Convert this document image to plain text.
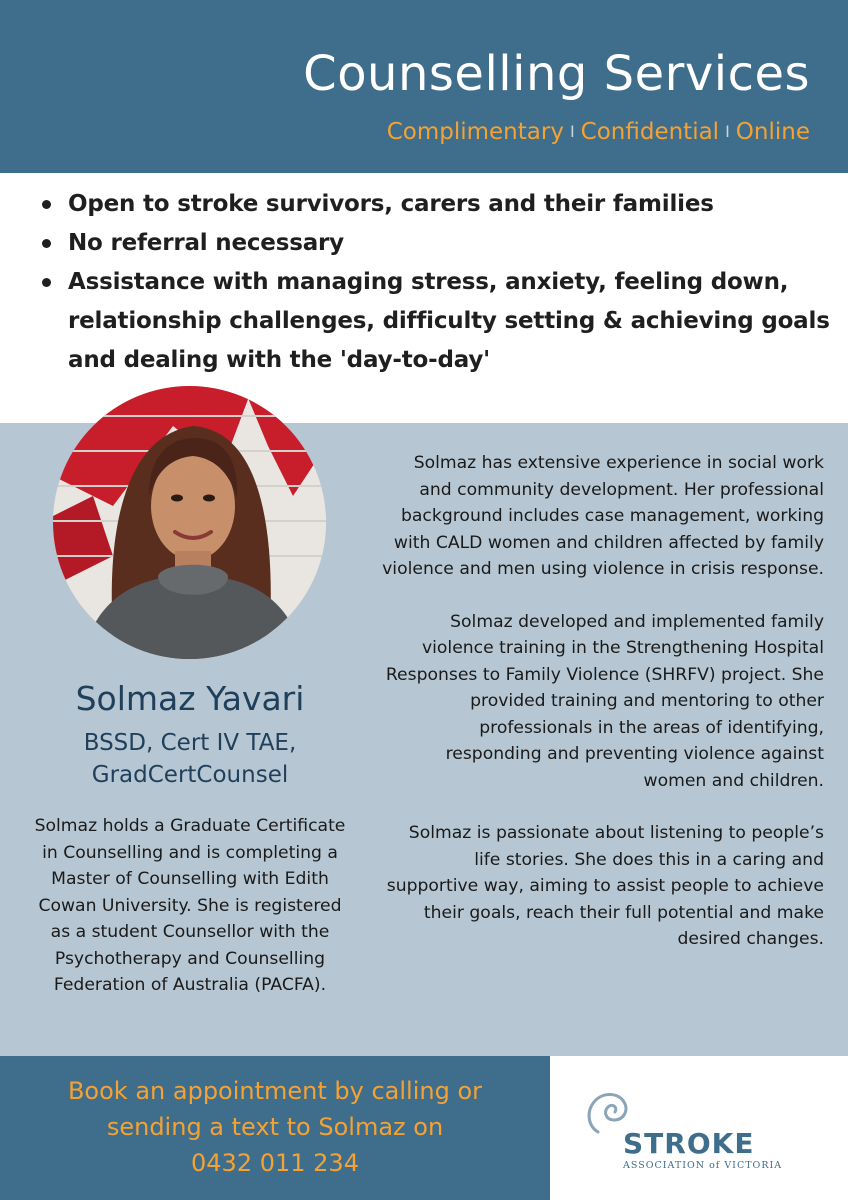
Counselling Services
Complimentary I Confidential I Online
Open to stroke survivors, carers and their families
No referral necessary
Assistance with managing stress, anxiety, feeling down, relationship challenges, difficulty setting & achieving goals and dealing with the 'day-to-day'
Solmaz Yavari
BSSD, Cert IV TAE,
GradCertCounsel

Solmaz holds a Graduate Certificate in Counselling and is completing a Master of Counselling with Edith Cowan University. She is registered as a student Counsellor with the Psychotherapy and Counselling Federation of Australia (PACFA).

Solmaz has extensive experience in social work and community development. Her professional background includes case management, working with CALD women and children affected by family violence and men using violence in crisis response.

Solmaz developed and implemented family violence training in the Strengthening Hospital Responses to Family Violence (SHRFV) project. She provided training and mentoring to other professionals in the areas of identifying, responding and preventing violence against women and children.

Solmaz is passionate about listening to people’s life stories. She does this in a caring and supportive way, aiming to assist people to achieve their goals, reach their full potential and make desired changes.

Book an appointment by calling or
sending a text to Solmaz on
0432 011 234
STROKE
ASSOCIATION of VICTORIA
